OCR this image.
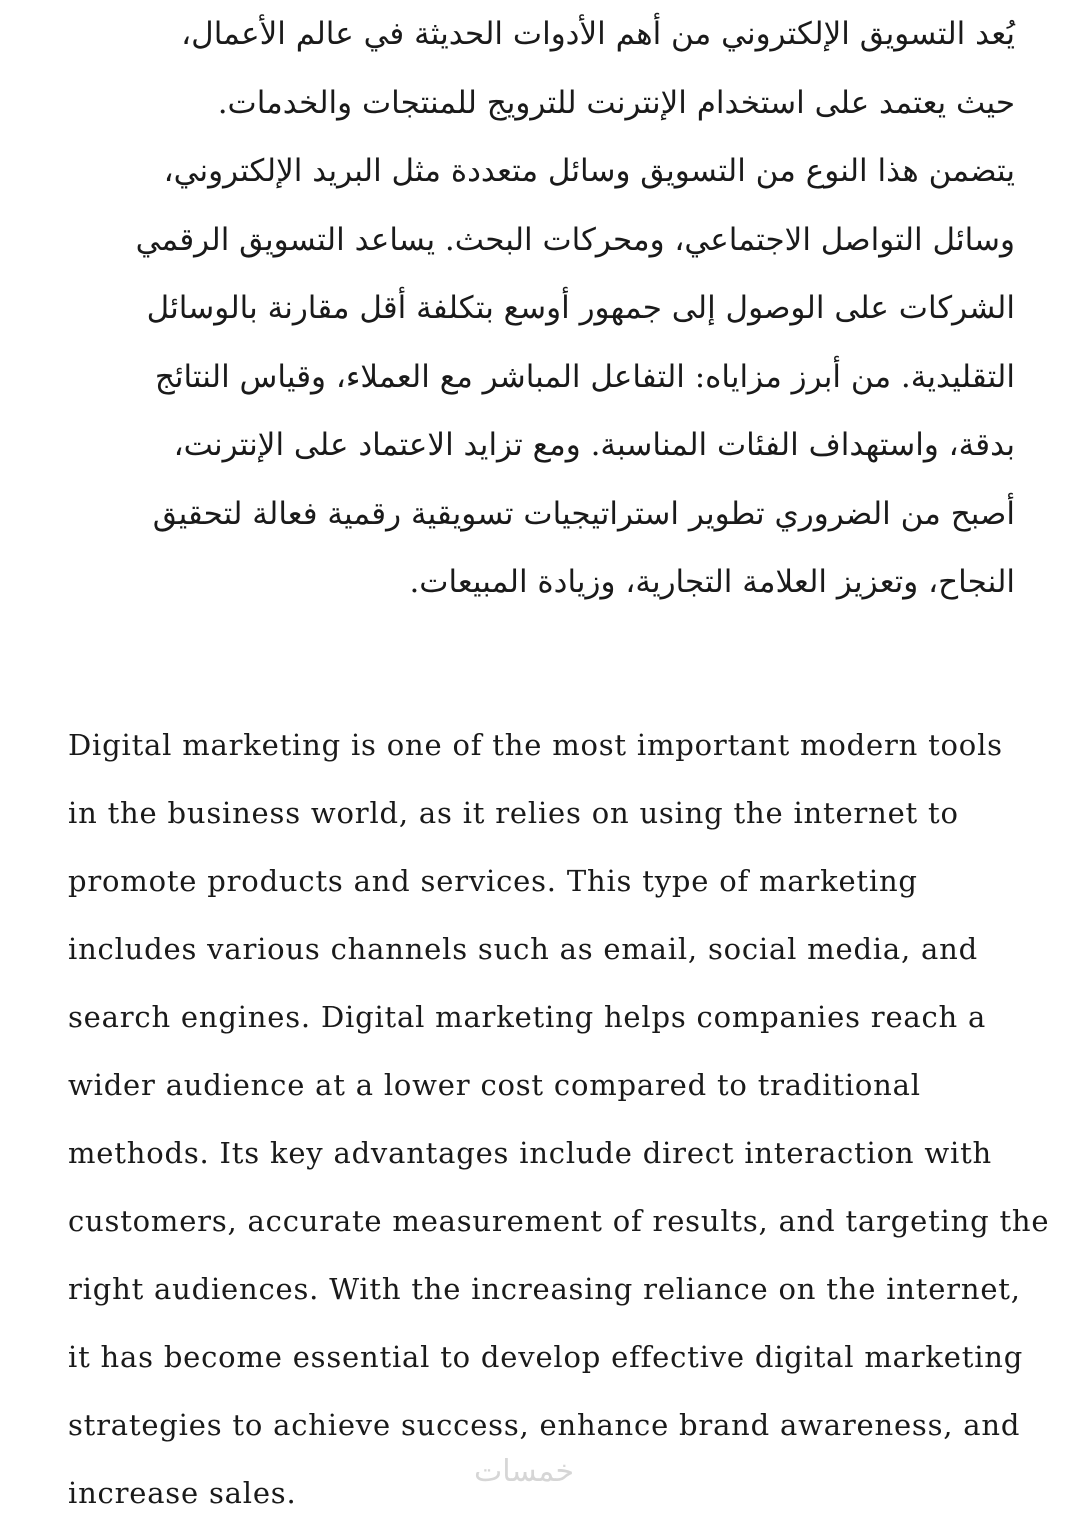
يُعد التسويق الإلكتروني من أهم الأدوات الحديثة في عالم الأعمال،
حيث يعتمد على استخدام الإنترنت للترويج للمنتجات والخدمات.
يتضمن هذا النوع من التسويق وسائل متعددة مثل البريد الإلكتروني،
وسائل التواصل الاجتماعي، ومحركات البحث. يساعد التسويق الرقمي
الشركات على الوصول إلى جمهور أوسع بتكلفة أقل مقارنة بالوسائل
التقليدية. من أبرز مزاياه: التفاعل المباشر مع العملاء، وقياس النتائج
بدقة، واستهداف الفئات المناسبة. ومع تزايد الاعتماد على الإنترنت،
أصبح من الضروري تطوير استراتيجيات تسويقية رقمية فعالة لتحقيق
النجاح، وتعزيز العلامة التجارية، وزيادة المبيعات.
Digital marketing is one of the most important modern tools
in the business world, as it relies on using the internet to
promote products and services. This type of marketing
includes various channels such as email, social media, and
search engines. Digital marketing helps companies reach a
wider audience at a lower cost compared to traditional
methods. Its key advantages include direct interaction with
customers, accurate measurement of results, and targeting the
right audiences. With the increasing reliance on the internet,
it has become essential to develop effective digital marketing
strategies to achieve success, enhance brand awareness, and
increase sales.
خمسات
